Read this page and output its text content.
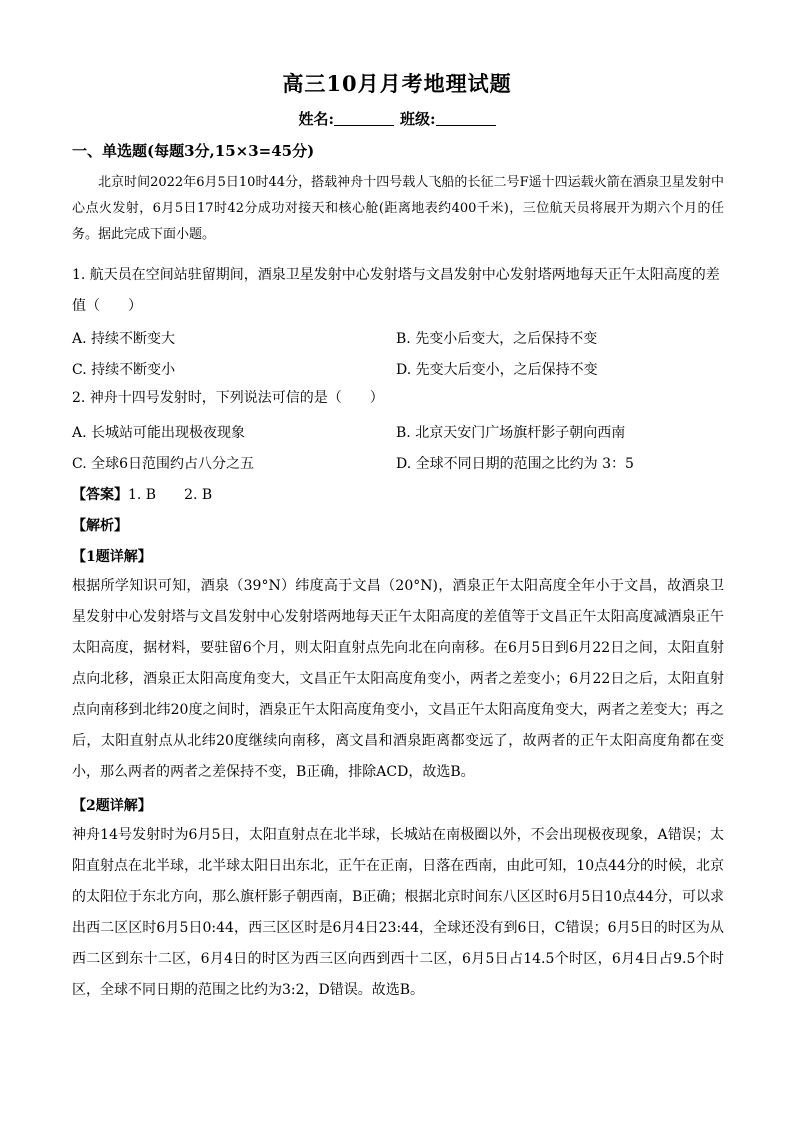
高三10月月考地理试题
姓名:	班级:
一、单选题(每题3分,15×3=45分)
北京时间2022年6月5日10时44分，搭载神舟十四号载人飞船的长征二号F遥十四运载火箭在酒泉卫星发射中心点火发射，6月5日17时42分成功对接天和核心舱(距离地表约400千米)，三位航天员将展开为期六个月的任务。据此完成下面小题。
1. 航天员在空间站驻留期间，酒泉卫星发射中心发射塔与文昌发射中心发射塔两地每天正午太阳高度的差值（　　）
A. 持续不断变大	B. 先变小后变大，之后保持不变
C. 持续不断变小	D. 先变大后变小，之后保持不变
2. 神舟十四号发射时，下列说法可信的是（　　）
A. 长城站可能出现极夜现象	B. 北京天安门广场旗杆影子朝向西南
C. 全球6日范围约占八分之五	D. 全球不同日期的范围之比约为 3：5
【答案】1. B　　2. B
【解析】
【1题详解】
根据所学知识可知，酒泉（39°N）纬度高于文昌（20°N)，酒泉正午太阳高度全年小于文昌，故酒泉卫星发射中心发射塔与文昌发射中心发射塔两地每天正午太阳高度的差值等于文昌正午太阳高度减酒泉正午太阳高度，据材料，要驻留6个月，则太阳直射点先向北在向南移。在6月5日到6月22日之间，太阳直射点向北移，酒泉正太阳高度角变大，文昌正午太阳高度角变小，两者之差变小；6月22日之后，太阳直射点向南移到北纬20度之间时，酒泉正午太阳高度角变小，文昌正午太阳高度角变大，两者之差变大；再之后，太阳直射点从北纬20度继续向南移，离文昌和酒泉距离都变远了，故两者的正午太阳高度角都在变小，那么两者的两者之差保持不变，B正确，排除ACD，故选B。
【2题详解】
神舟14号发射时为6月5日，太阳直射点在北半球，长城站在南极圈以外，不会出现极夜现象，A错误；太阳直射点在北半球，北半球太阳日出东北，正午在正南，日落在西南，由此可知，10点44分的时候，北京的太阳位于东北方向，那么旗杆影子朝西南，B正确；根据北京时间东八区区时6月5日10点44分，可以求出西二区区时6月5日0:44，西三区区时是6月4日23:44，全球还没有到6日，C错误；6月5日的时区为从西二区到东十二区，6月4日的时区为西三区向西到西十二区，6月5日占14.5个时区，6月4日占9.5个时区，全球不同日期的范围之比约为3:2，D错误。故选B。
